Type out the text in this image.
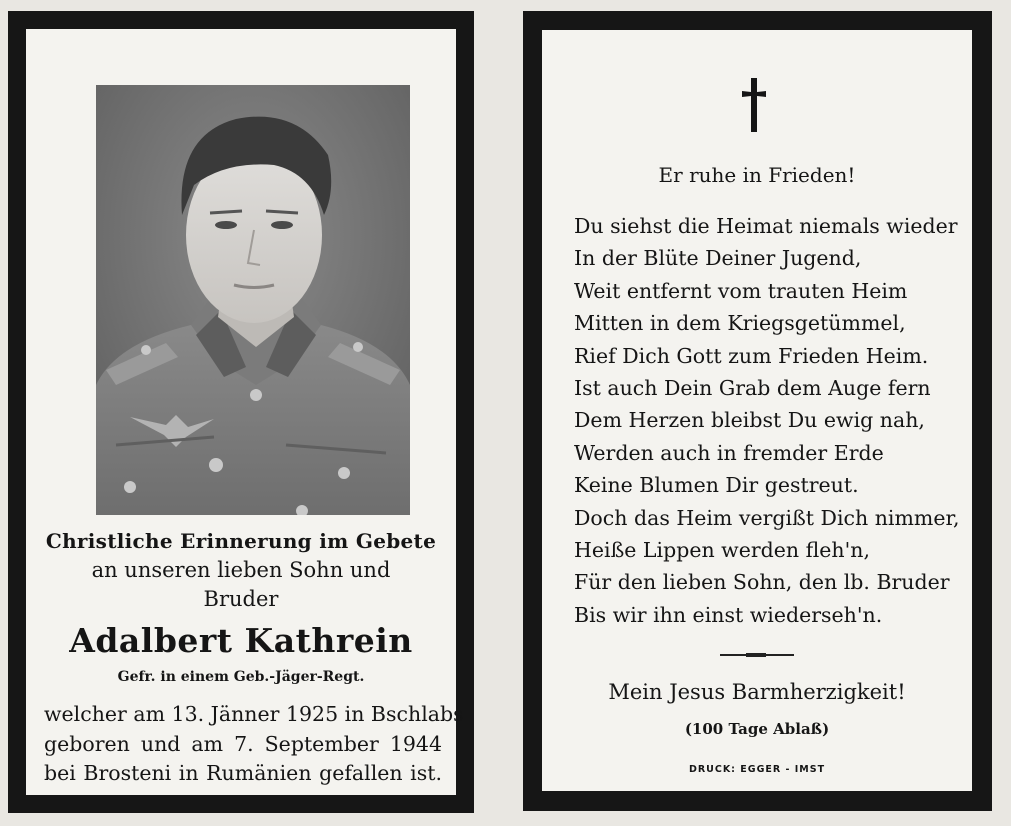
Christliche Erinnerung im Gebete
an unseren lieben Sohn und
Bruder
Adalbert Kathrein
Gefr. in einem Geb.-Jäger-Regt.
welcher am 13. Jänner 1925 in Bschlabs
geboren und am 7. September 1944
bei Brosteni in Rumänien gefallen ist.
Er ruhe in Frieden!
Du siehst die Heimat niemals wieder
In der Blüte Deiner Jugend,
Weit entfernt vom trauten Heim
Mitten in dem Kriegsgetümmel,
Rief Dich Gott zum Frieden Heim.
Ist auch Dein Grab dem Auge fern
Dem Herzen bleibst Du ewig nah,
Werden auch in fremder Erde
Keine Blumen Dir gestreut.
Doch das Heim vergißt Dich nimmer,
Heiße Lippen werden fleh'n,
Für den lieben Sohn, den lb. Bruder
Bis wir ihn einst wiederseh'n.
Mein Jesus Barmherzigkeit!
(100 Tage Ablaß)
DRUCK: EGGER - IMST
